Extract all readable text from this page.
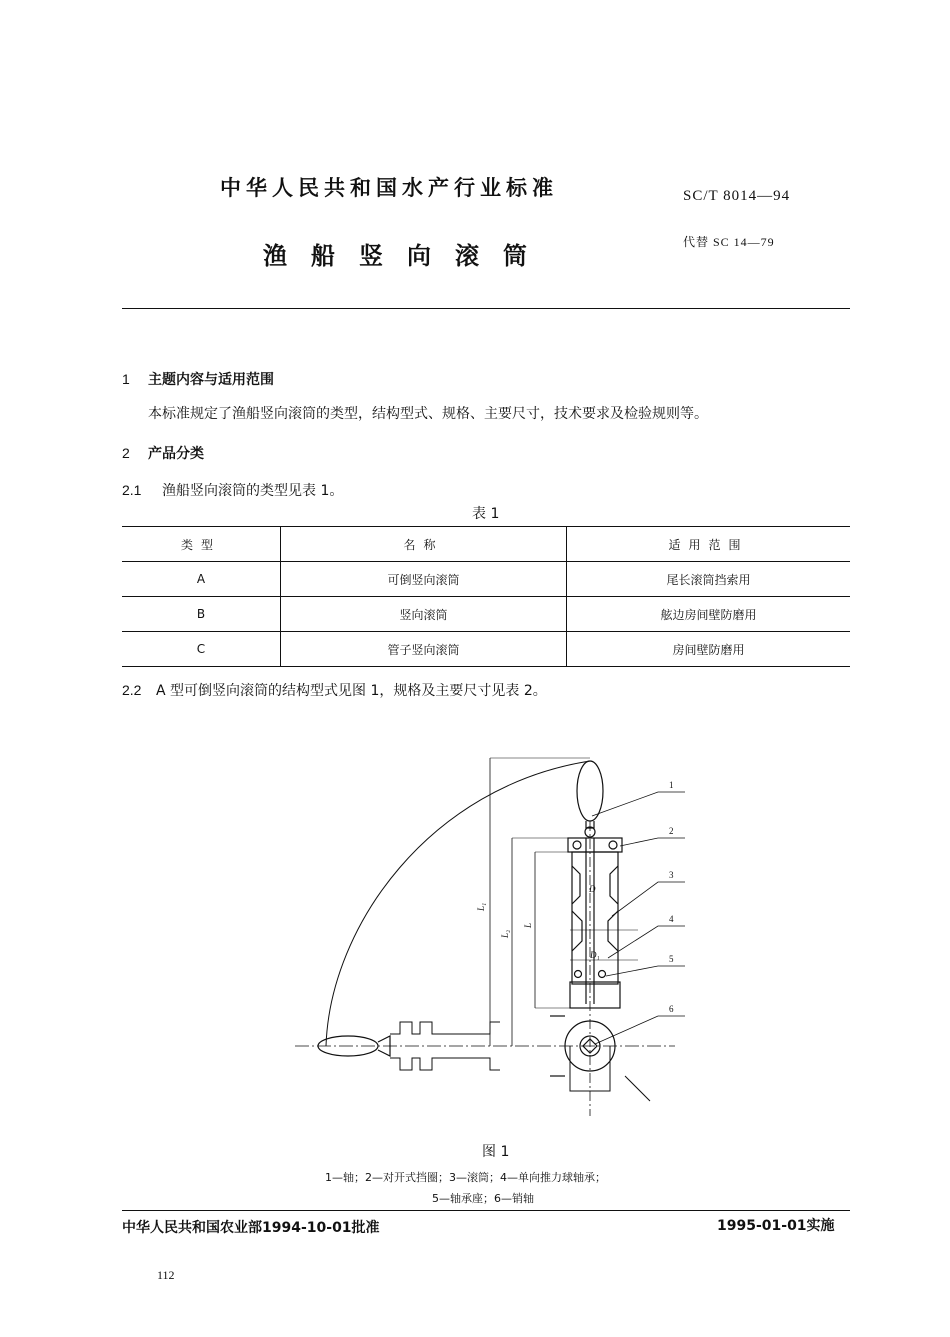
中华人民共和国水产行业标准	SC/T 8014—94
渔船竖向滚筒	代替 SC 14—79
1 主题内容与适用范围
本标准规定了渔船竖向滚筒的类型，结构型式、规格、主要尺寸，技术要求及检验规则等。
2 产品分类
2.1 渔船竖向滚筒的类型见表 1。
表 1
类型	名称	适用范围
A	可倒竖向滚筒	尾长滚筒挡索用
B	竖向滚筒	舷边房间壁防磨用
C	管子竖向滚筒	房间壁防磨用
2.2 A 型可倒竖向滚筒的结构型式见图 1，规格及主要尺寸见表 2。
1
2
3
4
5
6
L₁
L₂
L
D
D₁
图 1
1—轴；2—对开式挡圈；3—滚筒；4—单向推力球轴承；
5—轴承座；6—销轴
中华人民共和国农业部1994-10-01批准	1995-01-01实施
112
